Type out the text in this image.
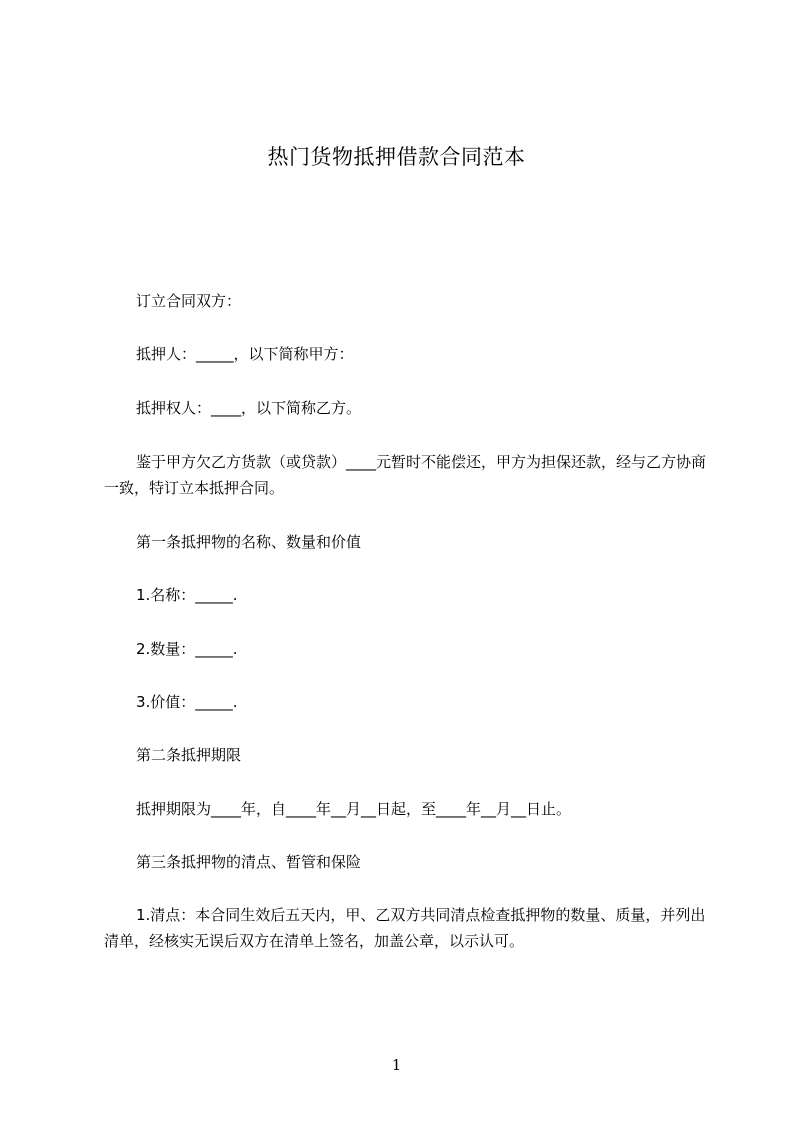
热门货物抵押借款合同范本
订立合同双方：
抵押人：_____，以下简称甲方：
抵押权人：____，以下简称乙方。
鉴于甲方欠乙方货款（或贷款）____元暂时不能偿还，甲方为担保还款，经与乙方协商一致，特订立本抵押合同。
第一条抵押物的名称、数量和价值
1.名称：_____.
2.数量：_____.
3.价值：_____.
第二条抵押期限
抵押期限为____年，自____年__月__日起，至____年__月__日止。
第三条抵押物的清点、暂管和保险
1.清点：本合同生效后五天内，甲、乙双方共同清点检查抵押物的数量、质量，并列出清单，经核实无误后双方在清单上签名，加盖公章，以示认可。
1
